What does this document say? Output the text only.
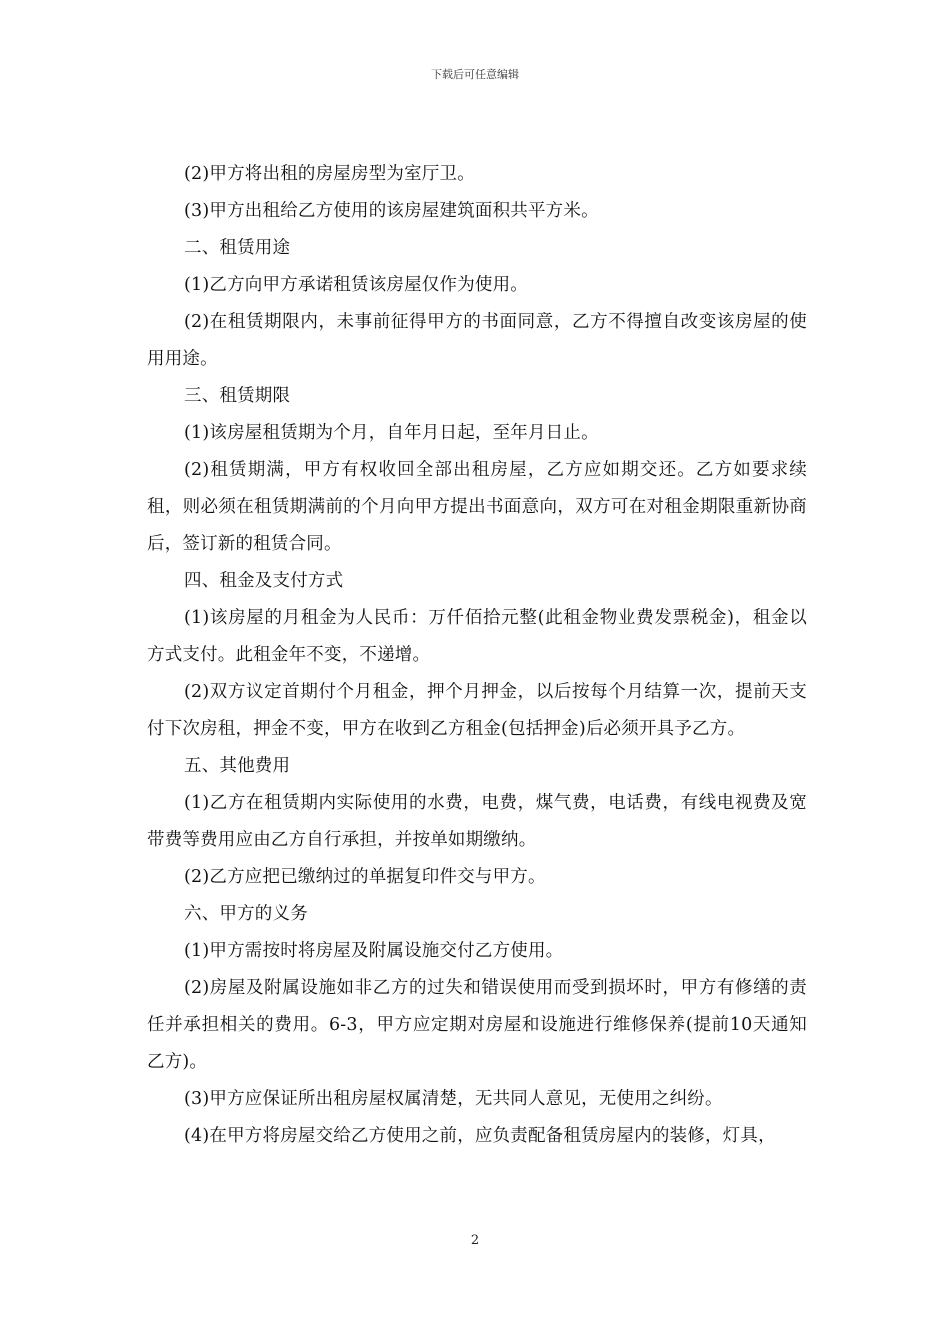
下载后可任意编辑

(2)甲方将出租的房屋房型为室厅卫。

(3)甲方出租给乙方使用的该房屋建筑面积共平方米。

二、租赁用途

(1)乙方向甲方承诺租赁该房屋仅作为使用。

(2)在租赁期限内，未事前征得甲方的书面同意，乙方不得擅自改变该房屋的使用用途。

三、租赁期限

(1)该房屋租赁期为个月，自年月日起，至年月日止。

(2)租赁期满，甲方有权收回全部出租房屋，乙方应如期交还。乙方如要求续租，则必须在租赁期满前的个月向甲方提出书面意向，双方可在对租金期限重新协商后，签订新的租赁合同。

四、租金及支付方式

(1)该房屋的月租金为人民币：万仟佰拾元整(此租金物业费发票税金)，租金以方式支付。此租金年不变，不递增。

(2)双方议定首期付个月租金，押个月押金，以后按每个月结算一次，提前天支付下次房租，押金不变，甲方在收到乙方租金(包括押金)后必须开具予乙方。

五、其他费用

(1)乙方在租赁期内实际使用的水费，电费，煤气费，电话费，有线电视费及宽带费等费用应由乙方自行承担，并按单如期缴纳。

(2)乙方应把已缴纳过的单据复印件交与甲方。

六、甲方的义务

(1)甲方需按时将房屋及附属设施交付乙方使用。

(2)房屋及附属设施如非乙方的过失和错误使用而受到损坏时，甲方有修缮的责任并承担相关的费用。6-3，甲方应定期对房屋和设施进行维修保养(提前10天通知乙方)。

(3)甲方应保证所出租房屋权属清楚，无共同人意见，无使用之纠纷。

(4)在甲方将房屋交给乙方使用之前，应负责配备租赁房屋内的装修，灯具，

2
